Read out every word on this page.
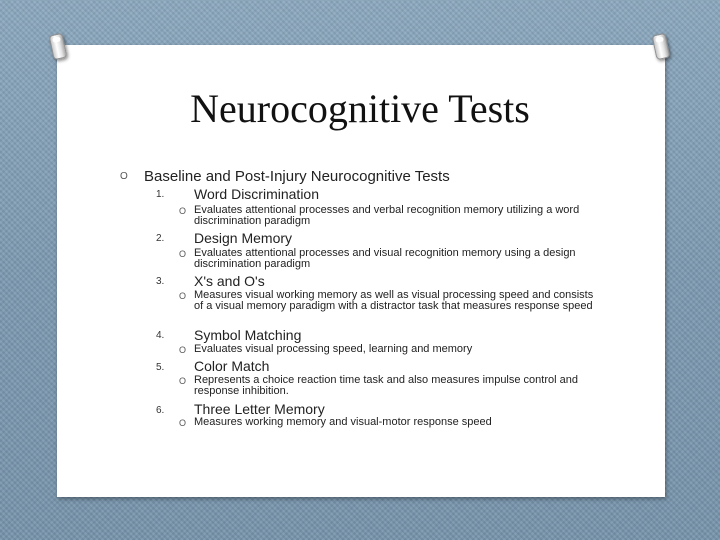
Neurocognitive Tests
O Baseline and Post-Injury Neurocognitive Tests
1.	Word Discrimination
O Evaluates attentional processes and verbal recognition memory utilizing a word discrimination paradigm
2.	Design Memory
O Evaluates attentional processes and visual recognition memory using a design discrimination paradigm
3.	X's and O's
O Measures visual working memory as well as visual processing speed and consists of a visual memory paradigm with a distractor task that measures response speed
4.	Symbol Matching
O Evaluates visual processing speed, learning and memory
5.	Color Match
O Represents a choice reaction time task and also measures impulse control and response inhibition.
6.	Three Letter Memory
O Measures working memory and visual-motor response speed
